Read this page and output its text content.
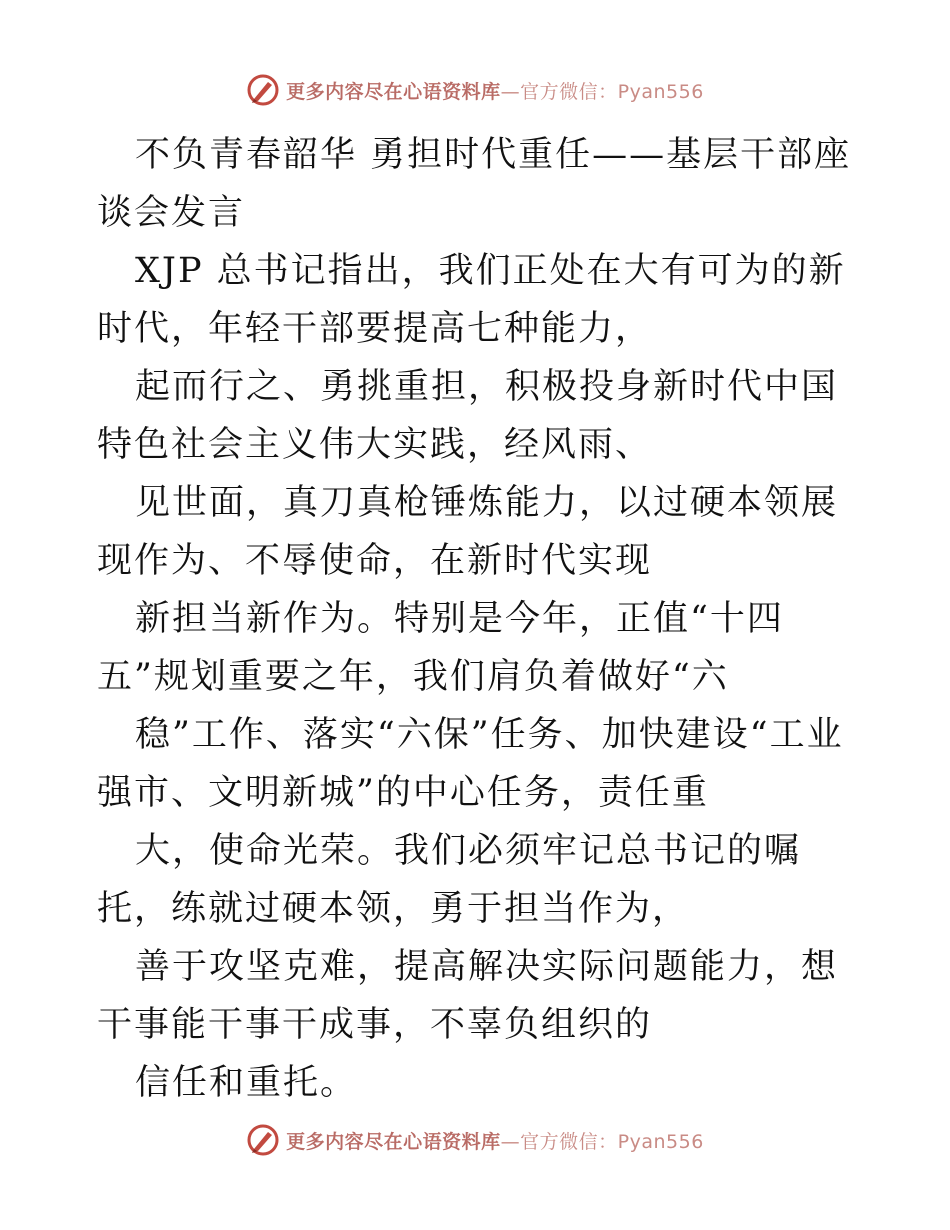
更多内容尽在心语资料库—官方微信：Pyan556

不负青春韶华 勇担时代重任——基层干部座谈会发言

XJP 总书记指出，我们正处在大有可为的新时代，年轻干部要提高七种能力，

起而行之、勇挑重担，积极投身新时代中国特色社会主义伟大实践，经风雨、

见世面，真刀真枪锤炼能力，以过硬本领展现作为、不辱使命，在新时代实现

新担当新作为。特别是今年，正值“十四五”规划重要之年，我们肩负着做好“六

稳”工作、落实“六保”任务、加快建设“工业强市、文明新城”的中心任务，责任重

大，使命光荣。我们必须牢记总书记的嘱托，练就过硬本领，勇于担当作为，

善于攻坚克难，提高解决实际问题能力，想干事能干事干成事，不辜负组织的

信任和重托。

更多内容尽在心语资料库—官方微信：Pyan556
